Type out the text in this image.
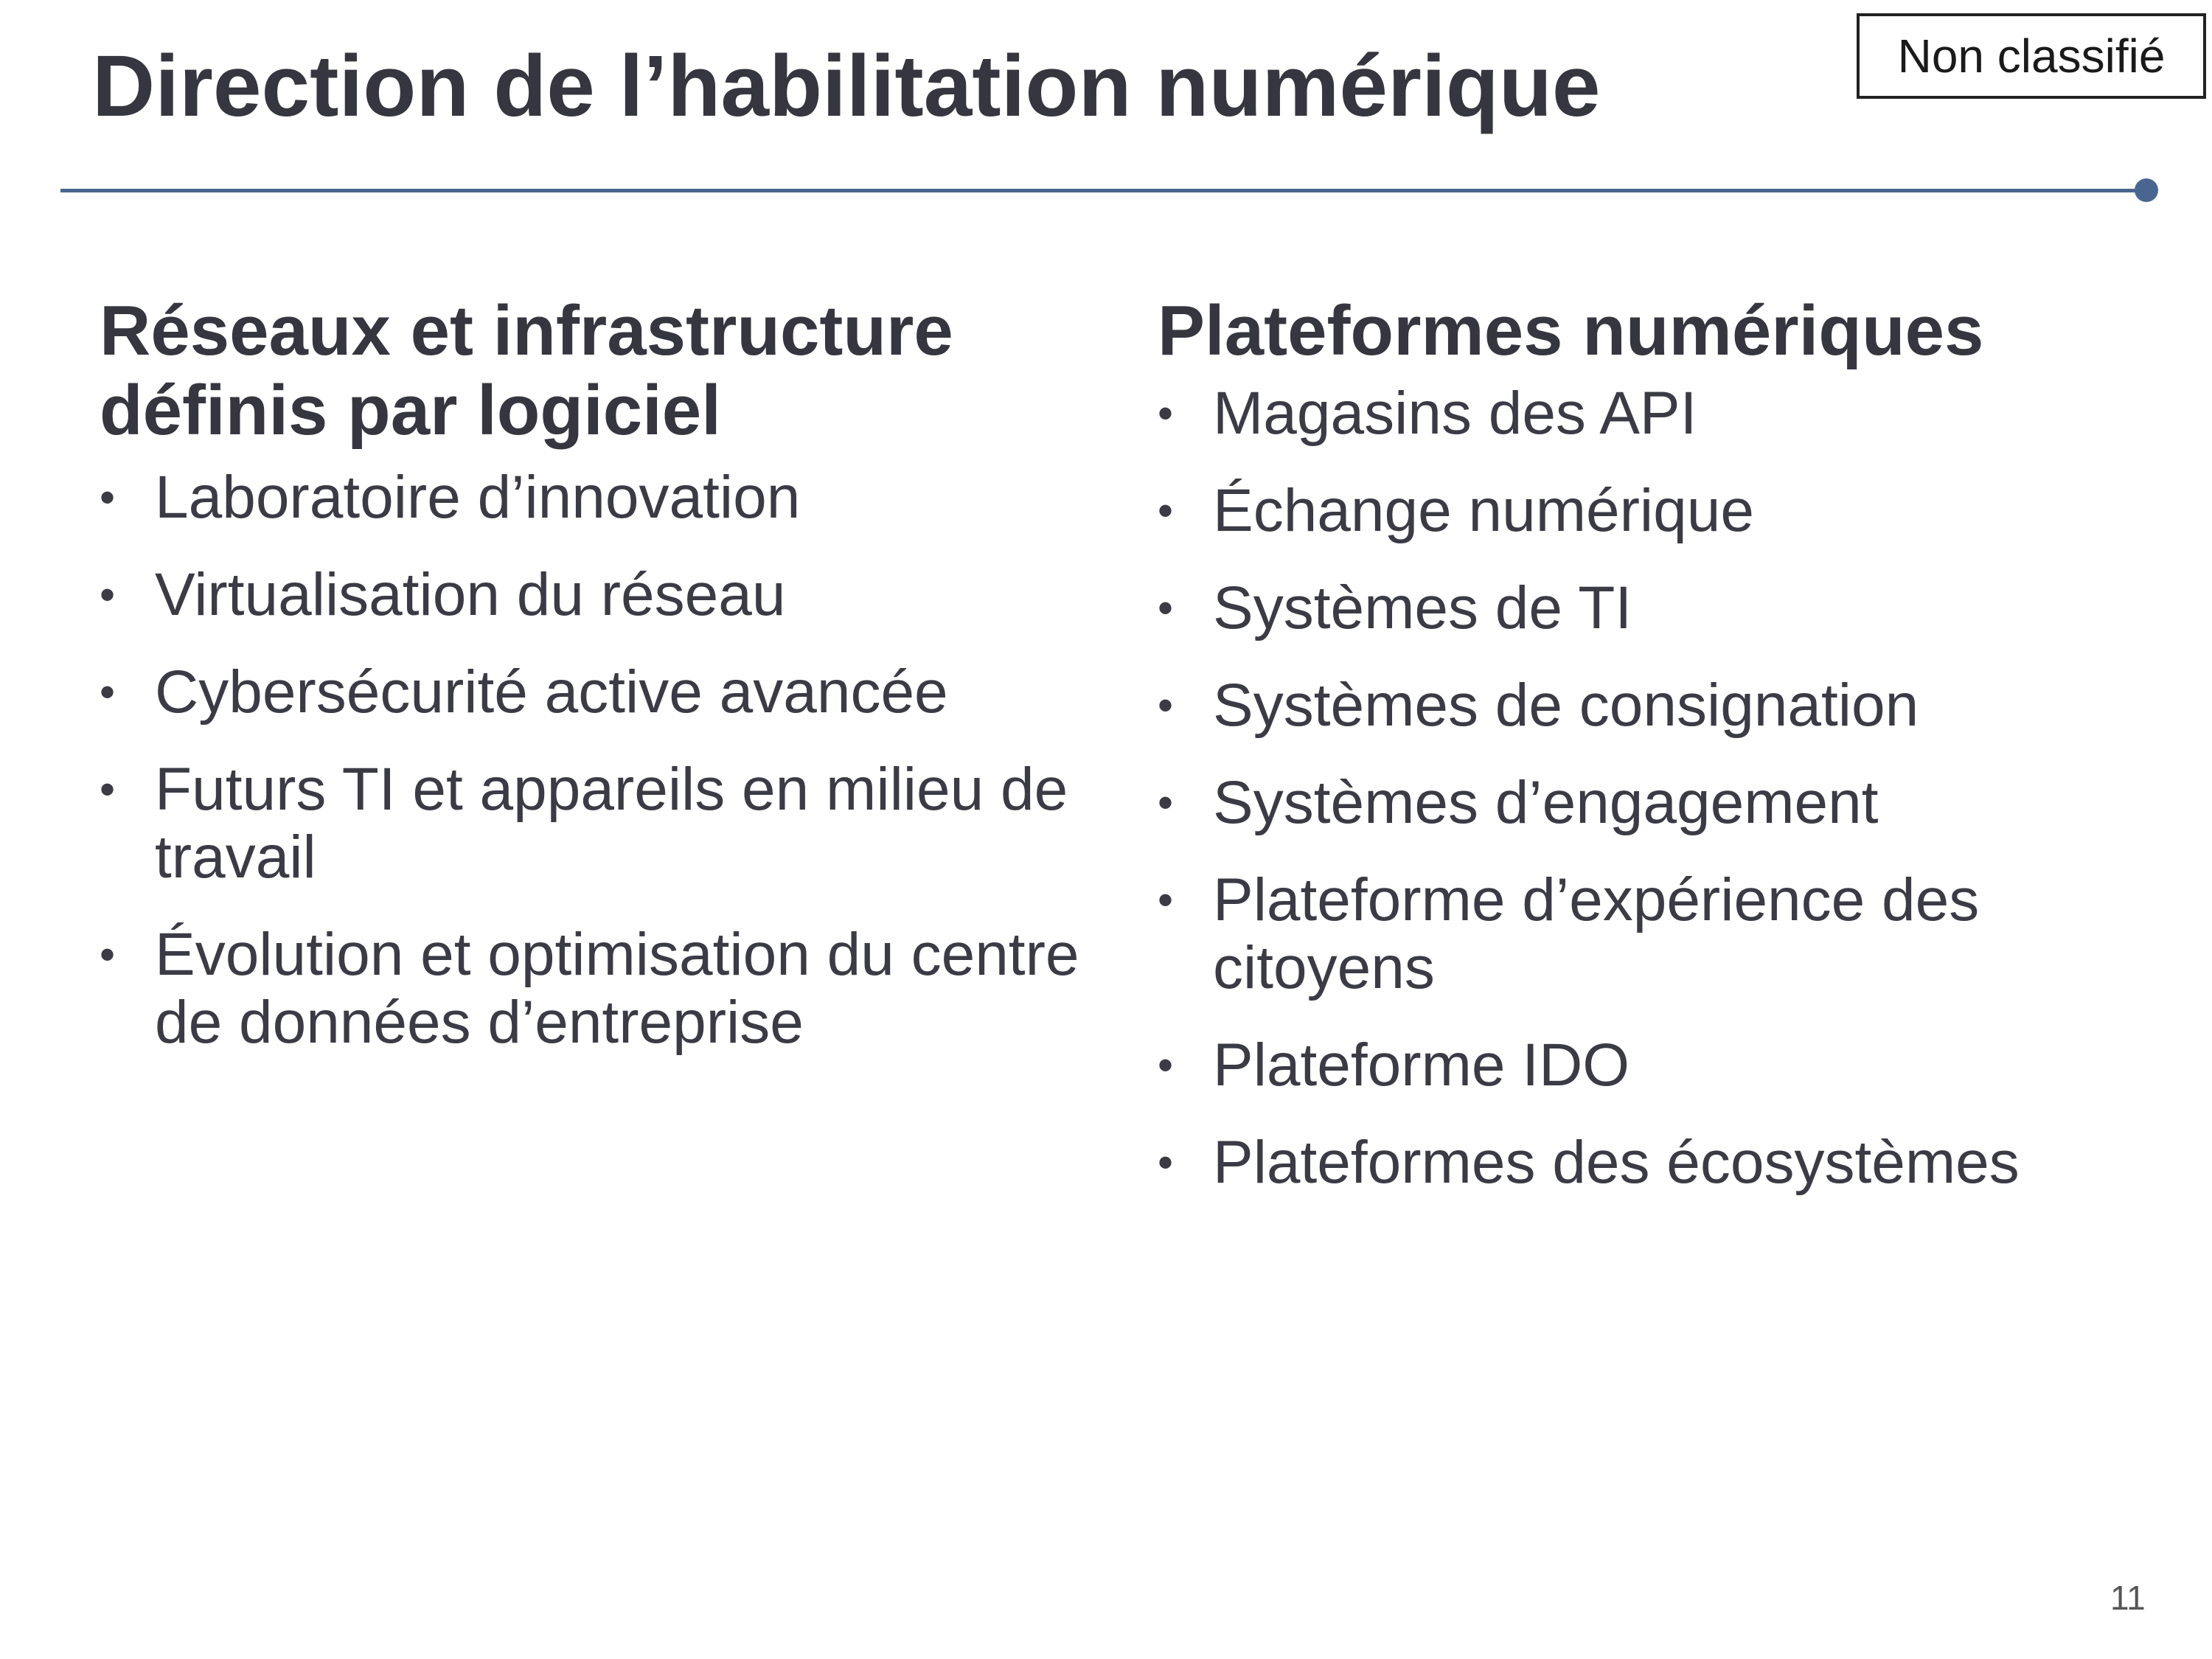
Direction de l’habilitation numérique	Non classifié
Réseaux et infrastructure définis par logiciel
• Laboratoire d’innovation
• Virtualisation du réseau
• Cybersécurité active avancée
• Futurs TI et appareils en milieu de travail
• Évolution et optimisation du centre de données d’entreprise
Plateformes numériques
• Magasins des API
• Échange numérique
• Systèmes de TI
• Systèmes de consignation
• Systèmes d’engagement
• Plateforme d’expérience des citoyens
• Plateforme IDO
• Plateformes des écosystèmes
11
